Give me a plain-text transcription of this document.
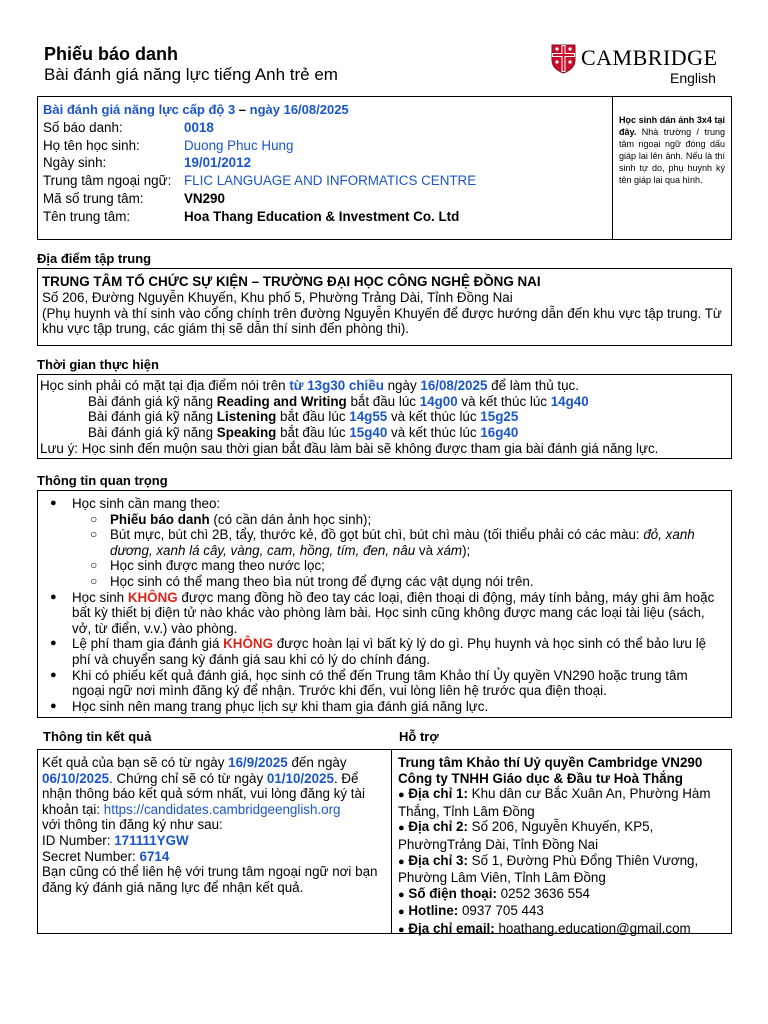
Phiếu báo danh
Bài đánh giá năng lực tiếng Anh trẻ em
CAMBRIDGE
English
Bài đánh giá năng lực cấp độ 3 – ngày 16/08/2025
Số báo danh:	0018
Họ tên học sinh:	Duong Phuc Hung
Ngày sinh:	19/01/2012
Trung tâm ngoại ngữ: FLIC LANGUAGE AND INFORMATICS CENTRE
Mã số trung tâm:	VN290
Tên trung tâm:	Hoa Thang Education & Investment Co. Ltd
Học sinh dán ảnh 3x4 tại đây. Nhà trường / trung tâm ngoại ngữ đóng dấu giáp lai lên ảnh. Nếu là thí sinh tự do, phụ huynh ký tên giáp lai qua hình.
Địa điểm tập trung
TRUNG TÂM TỔ CHỨC SỰ KIỆN – TRƯỜNG ĐẠI HỌC CÔNG NGHỆ ĐỒNG NAI
Số 206, Đường Nguyễn Khuyến, Khu phố 5, Phường Trảng Dài, Tỉnh Đồng Nai
(Phụ huynh và thí sinh vào cổng chính trên đường Nguyễn Khuyến để được hướng dẫn đến khu vực tập trung. Từ khu vực tập trung, các giám thị sẽ dẫn thí sinh đến phòng thi).
Thời gian thực hiện
Học sinh phải có mặt tại địa điểm nói trên từ 13g30 chiều ngày 16/08/2025 để làm thủ tục.
Bài đánh giá kỹ năng Reading and Writing bắt đầu lúc 14g00 và kết thúc lúc 14g40
Bài đánh giá kỹ năng Listening bắt đầu lúc 14g55 và kết thúc lúc 15g25
Bài đánh giá kỹ năng Speaking bắt đầu lúc 15g40 và kết thúc lúc 16g40
Lưu ý: Học sinh đến muộn sau thời gian bắt đầu làm bài sẽ không được tham gia bài đánh giá năng lực.
Thông tin quan trọng
● Học sinh cần mang theo:
○ Phiếu báo danh (có cần dán ảnh học sinh);
○ Bút mực, bút chì 2B, tẩy, thước kẻ, đồ gọt bút chì, bút chì màu (tối thiểu phải có các màu: đỏ, xanh dương, xanh lá cây, vàng, cam, hồng, tím, đen, nâu và xám);
○ Học sinh được mang theo nước lọc;
○ Học sinh có thể mang theo bìa nút trong để đựng các vật dụng nói trên.
● Học sinh KHÔNG được mang đồng hồ đeo tay các loại, điện thoại di động, máy tính bảng, máy ghi âm hoặc bất kỳ thiết bị điện tử nào khác vào phòng làm bài. Học sinh cũng không được mang các loại tài liệu (sách, vở, từ điển, v.v.) vào phòng.
● Lệ phí tham gia đánh giá KHÔNG được hoàn lại vì bất kỳ lý do gì. Phụ huynh và học sinh có thể bảo lưu lệ phí và chuyển sang kỳ đánh giá sau khi có lý do chính đáng.
● Khi có phiếu kết quả đánh giá, học sinh có thể đến Trung tâm Khảo thí Ủy quyền VN290 hoặc trung tâm ngoại ngữ nơi mình đăng ký để nhận. Trước khi đến, vui lòng liên hệ trước qua điện thoại.
● Học sinh nên mang trang phục lịch sự khi tham gia đánh giá năng lực.
Thông tin kết quả	Hỗ trợ
Kết quả của bạn sẽ có từ ngày 16/9/2025 đến ngày 06/10/2025. Chứng chỉ sẽ có từ ngày 01/10/2025. Để nhận thông báo kết quả sớm nhất, vui lòng đăng ký tài khoản tại: https://candidates.cambridgeenglish.org
với thông tin đăng ký như sau:
ID Number: 171111YGW
Secret Number: 6714
Bạn cũng có thể liên hệ với trung tâm ngoại ngữ nơi bạn đăng ký đánh giá năng lực để nhận kết quả.
Trung tâm Khảo thí Uỷ quyền Cambridge VN290
Công ty TNHH Giáo dục & Đầu tư Hoà Thắng
● Địa chỉ 1: Khu dân cư Bắc Xuân An, Phường Hàm Thắng, Tỉnh Lâm Đồng
● Địa chỉ 2: Số 206, Nguyễn Khuyến, KP5, PhườngTrảng Dài, Tỉnh Đồng Nai
● Địa chỉ 3: Số 1, Đường Phù Đổng Thiên Vương, Phường Lâm Viên, Tỉnh Lâm Đồng
● Số điện thoại: 0252 3636 554
● Hotline: 0937 705 443
● Địa chỉ email: hoathang.education@gmail.com
